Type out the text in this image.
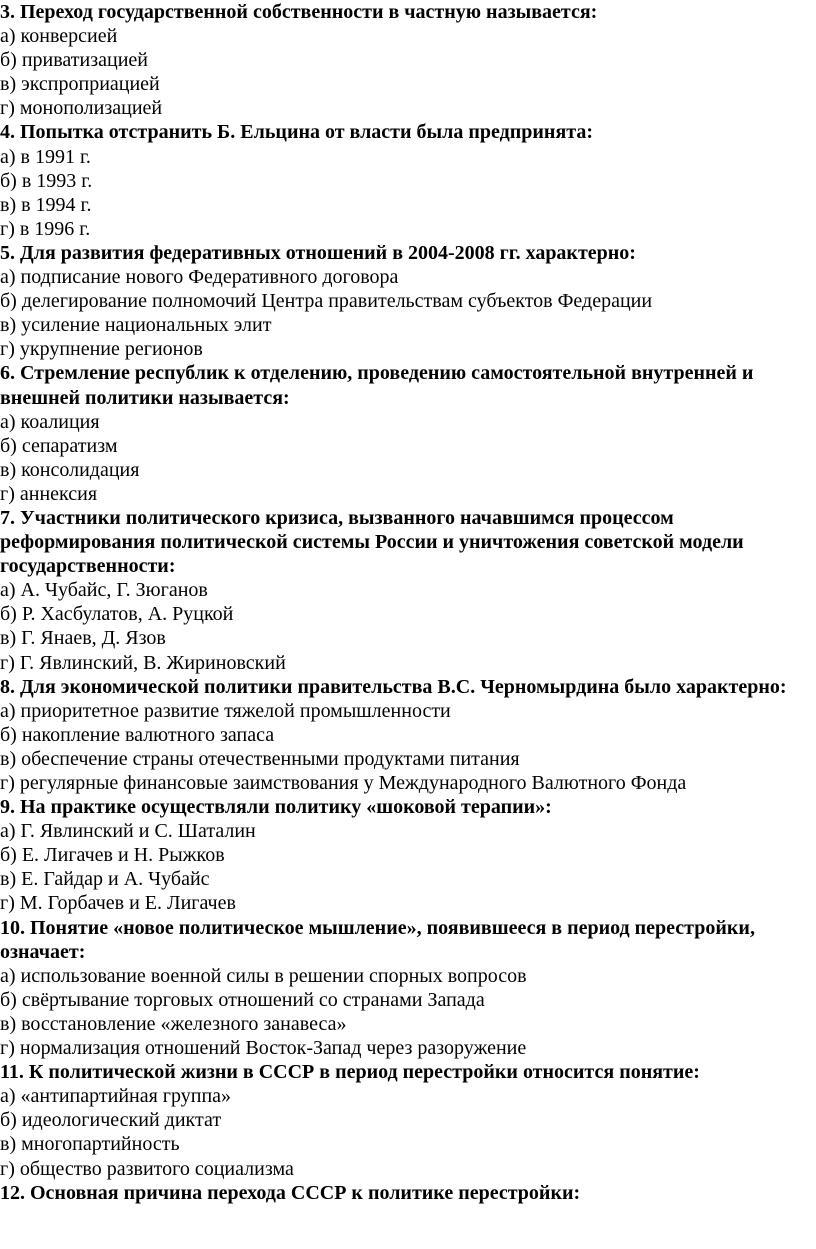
3. Переход государственной собственности в частную называется:

а) конверсией

б) приватизацией

в) экспроприацией

г) монополизацией

4. Попытка отстранить Б. Ельцина от власти была предпринята:

а) в 1991 г.

б) в 1993 г.

в) в 1994 г.

г) в 1996 г.

5. Для развития федеративных отношений в 2004-2008 гг. характерно:

а) подписание нового Федеративного договора

б) делегирование полномочий Центра правительствам субъектов Федерации

в) усиление национальных элит

г) укрупнение регионов

6. Стремление республик к отделению, проведению самостоятельной внутренней и внешней политики называется:

а) коалиция

б) сепаратизм

в) консолидация

г) аннексия

7. Участники политического кризиса, вызванного начавшимся процессом реформирования политической системы России и уничтожения советской модели государственности:

а) А. Чубайс, Г. Зюганов

б) Р. Хасбулатов, А. Руцкой

в) Г. Янаев, Д. Язов

г) Г. Явлинский, В. Жириновский

8. Для экономической политики правительства В.С. Черномырдина было характерно:

а) приоритетное развитие тяжелой промышленности

б) накопление валютного запаса

в) обеспечение страны отечественными продуктами питания

г) регулярные финансовые заимствования у Международного Валютного Фонда

9. На практике осуществляли политику «шоковой терапии»:

а) Г. Явлинский и С. Шаталин

б) Е. Лигачев и Н. Рыжков

в) Е. Гайдар и А. Чубайс

г) М. Горбачев и Е. Лигачев

10. Понятие «новое политическое мышление», появившееся в период перестройки, означает:

а) использование военной силы в решении спорных вопросов

б) свёртывание торговых отношений со странами Запада

в) восстановление «железного занавеса»

г) нормализация отношений Восток-Запад через разоружение

11. К политической жизни в СССР в период перестройки относится понятие:

а) «антипартийная группа»

б) идеологический диктат

в) многопартийность

г) общество развитого социализма

12. Основная причина перехода СССР к политике перестройки:
